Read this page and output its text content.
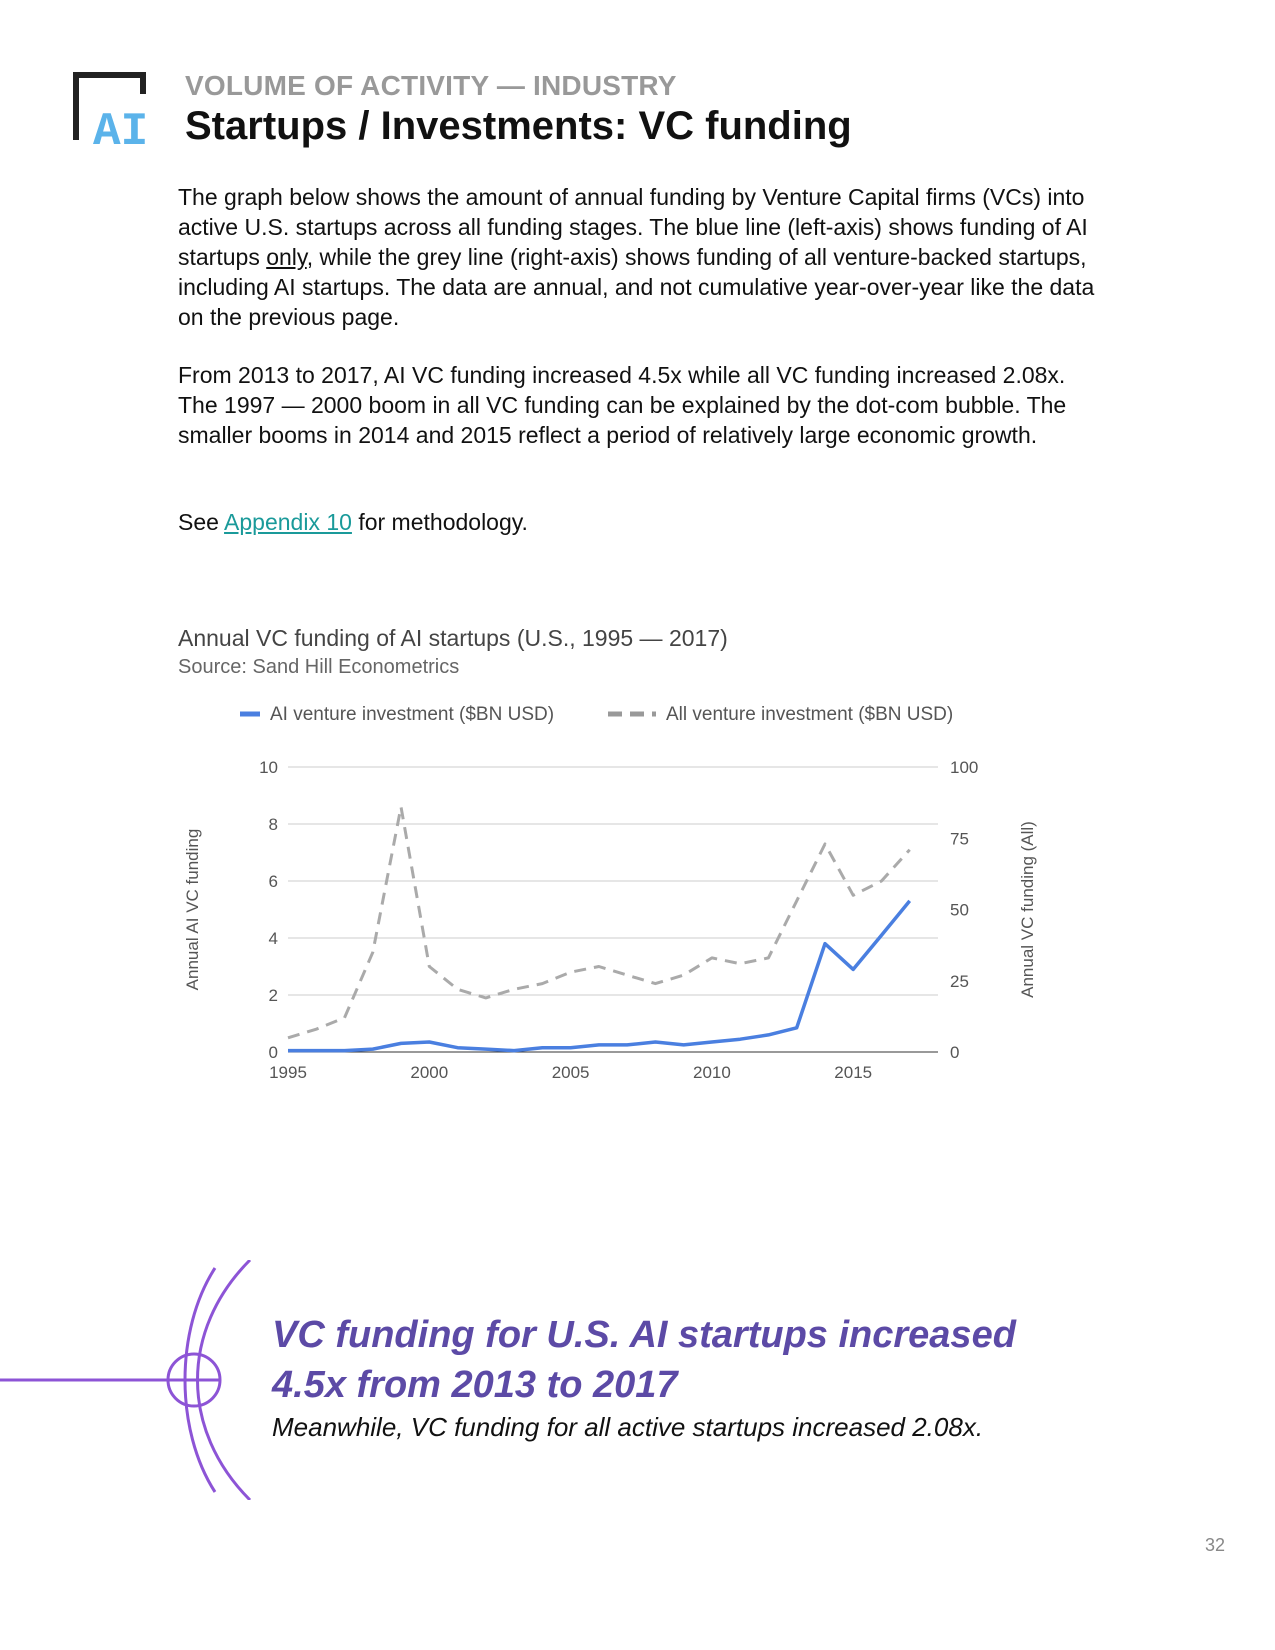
AI
VOLUME OF ACTIVITY — INDUSTRY
Startups / Investments: VC funding

The graph below shows the amount of annual funding by Venture Capital firms (VCs) into active U.S. startups across all funding stages. The blue line (left-axis) shows funding of AI startups only, while the grey line (right-axis) shows funding of all venture-backed startups, including AI startups. The data are annual, and not cumulative year-over-year like the data on the previous page.

From 2013 to 2017, AI VC funding increased 4.5x while all VC funding increased 2.08x. The 1997 — 2000 boom in all VC funding can be explained by the dot-com bubble. The smaller booms in 2014 and 2015 reflect a period of relatively large economic growth.

See Appendix 10 for methodology.

Annual VC funding of AI startups (U.S., 1995 — 2017)
Source: Sand Hill Econometrics
0
2
4
6
8
10
0
25
50
75
100
1995	2000	2005	2010	2015
Annual AI VC funding	Annual VC funding (All)
AI venture investment ($BN USD)	All venture investment ($BN USD)
VC funding for U.S. AI startups increased 4.5x from 2013 to 2017
Meanwhile, VC funding for all active startups increased 2.08x.
32
